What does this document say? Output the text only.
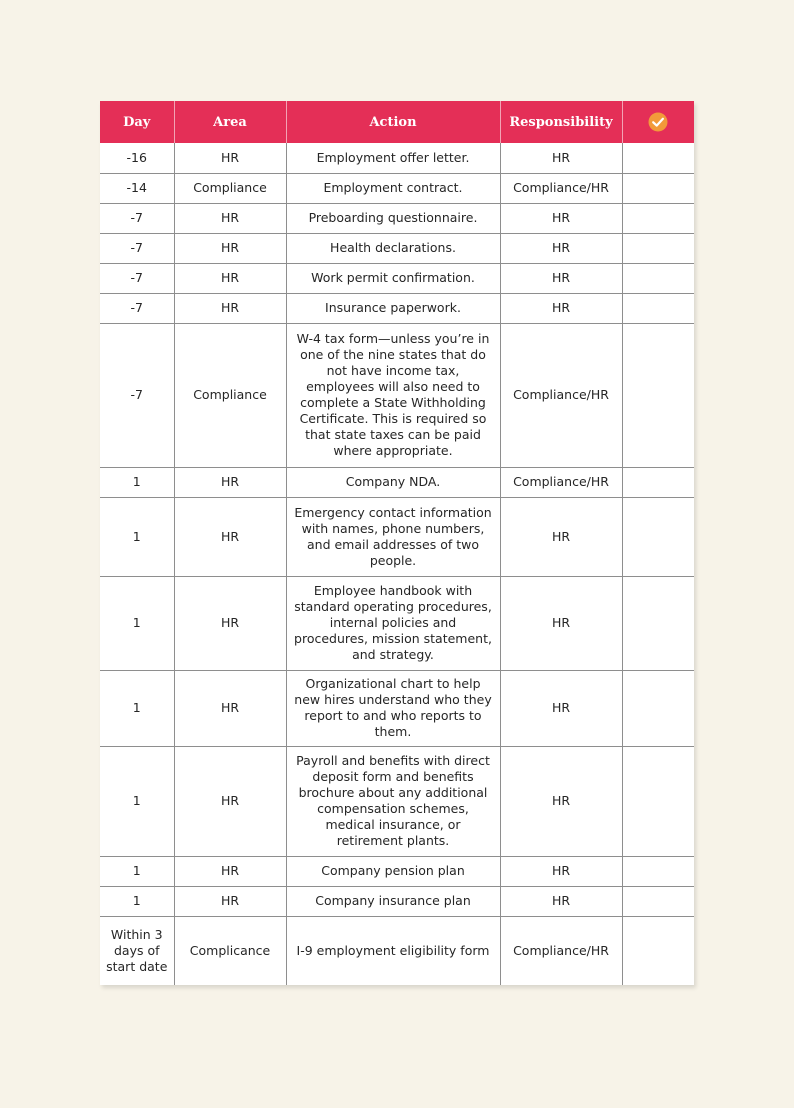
Day	Area	Action	Responsibility	
-16	HR	Employment offer letter.	HR	
-14	Compliance	Employment contract.	Compliance/HR	
-7	HR	Preboarding questionnaire.	HR	
-7	HR	Health declarations.	HR	
-7	HR	Work permit confirmation.	HR	
-7	HR	Insurance paperwork.	HR	
-7	Compliance	W-4 tax form—unless you’re in one of the nine states that do not have income tax, employees will also need to complete a State Withholding Certificate. This is required so that state taxes can be paid where appropriate.	Compliance/HR	
1	HR	Company NDA.	Compliance/HR	
1	HR	Emergency contact information with names, phone numbers, and email addresses of two people.	HR	
1	HR	Employee handbook with standard operating procedures, internal policies and procedures, mission statement, and strategy.	HR	
1	HR	Organizational chart to help new hires understand who they report to and who reports to them.	HR	
1	HR	Payroll and benefits with direct deposit form and benefits brochure about any additional compensation schemes, medical insurance, or retirement plants.	HR	
1	HR	Company pension plan	HR	
1	HR	Company insurance plan	HR	
Within 3 days of start date	Complicance	I-9 employment eligibility form	Compliance/HR	
